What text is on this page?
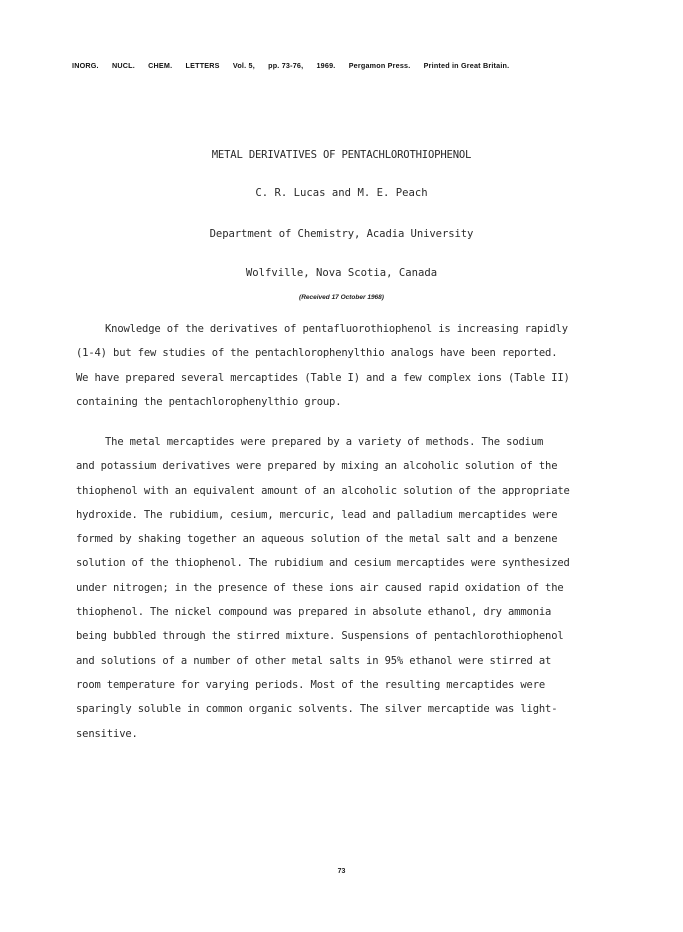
INORG. NUCL. CHEM. LETTERS Vol. 5, pp. 73-76, 1969. Pergamon Press. Printed in Great Britain.
METAL DERIVATIVES OF PENTACHLOROTHIOPHENOL
C. R. Lucas and M. E. Peach
Department of Chemistry, Acadia University
Wolfville, Nova Scotia, Canada
(Received 17 October 1968)
Knowledge of the derivatives of pentafluorothiophenol is increasing rapidly
(1-4) but few studies of the pentachlorophenylthio analogs have been reported.
We have prepared several mercaptides (Table I) and a few complex ions (Table II)
containing the pentachlorophenylthio group.
The metal mercaptides were prepared by a variety of methods. The sodium
and potassium derivatives were prepared by mixing an alcoholic solution of the
thiophenol with an equivalent amount of an alcoholic solution of the appropriate
hydroxide. The rubidium, cesium, mercuric, lead and palladium mercaptides were
formed by shaking together an aqueous solution of the metal salt and a benzene
solution of the thiophenol. The rubidium and cesium mercaptides were synthesized
under nitrogen; in the presence of these ions air caused rapid oxidation of the
thiophenol. The nickel compound was prepared in absolute ethanol, dry ammonia
being bubbled through the stirred mixture. Suspensions of pentachlorothiophenol
and solutions of a number of other metal salts in 95% ethanol were stirred at
room temperature for varying periods. Most of the resulting mercaptides were
sparingly soluble in common organic solvents. The silver mercaptide was light-
sensitive.
73
